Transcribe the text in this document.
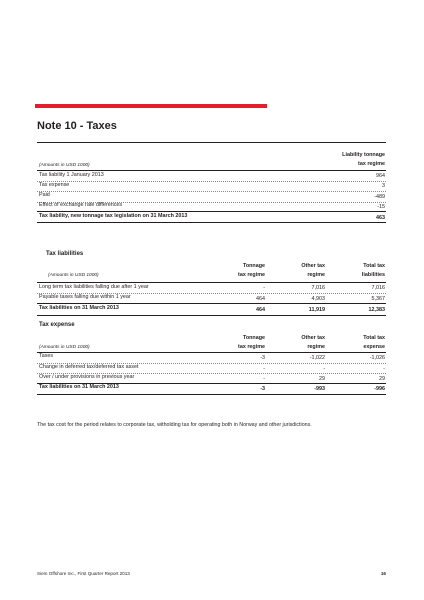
Note 10 - Taxes
Liability tonnage
tax regime
(Amounts in USD 1000)
Tax liability 1 January 2013	964
Tax expense	3
Paid	-489
Effect of exchange rate differences	-15
Tax liability, new tonnage tax legislation on 31 March 2013	463
Tax liabilities
Tonnage	Other tax	Total tax
tax regime	regime	liabilities
(Amounts in USD 1000)
Long term tax liabilities falling due after 1 year	-	7,016	7,016
Payable taxes falling due within 1 year	464	4,903	5,367
Tax liabilities on 31 March 2013	464	11,919	12,383
Tax expense
Tonnage	Other tax	Total tax
tax regime	regime	expense
(Amounts in USD 1000)
Taxes	-3	-1,022	-1,026
Change in deferred tax/deferred tax asset	-	-	-
Over / under provisions in previous year	-	29	29
Tax liabilities on 31 March 2013	-3	-993	-996
The tax cost for the period relates to corporate tax, witholding tax for operating both in Norway and other jurisdictions.
Siem Offshore Inc., First Quarter Report 2013	16
